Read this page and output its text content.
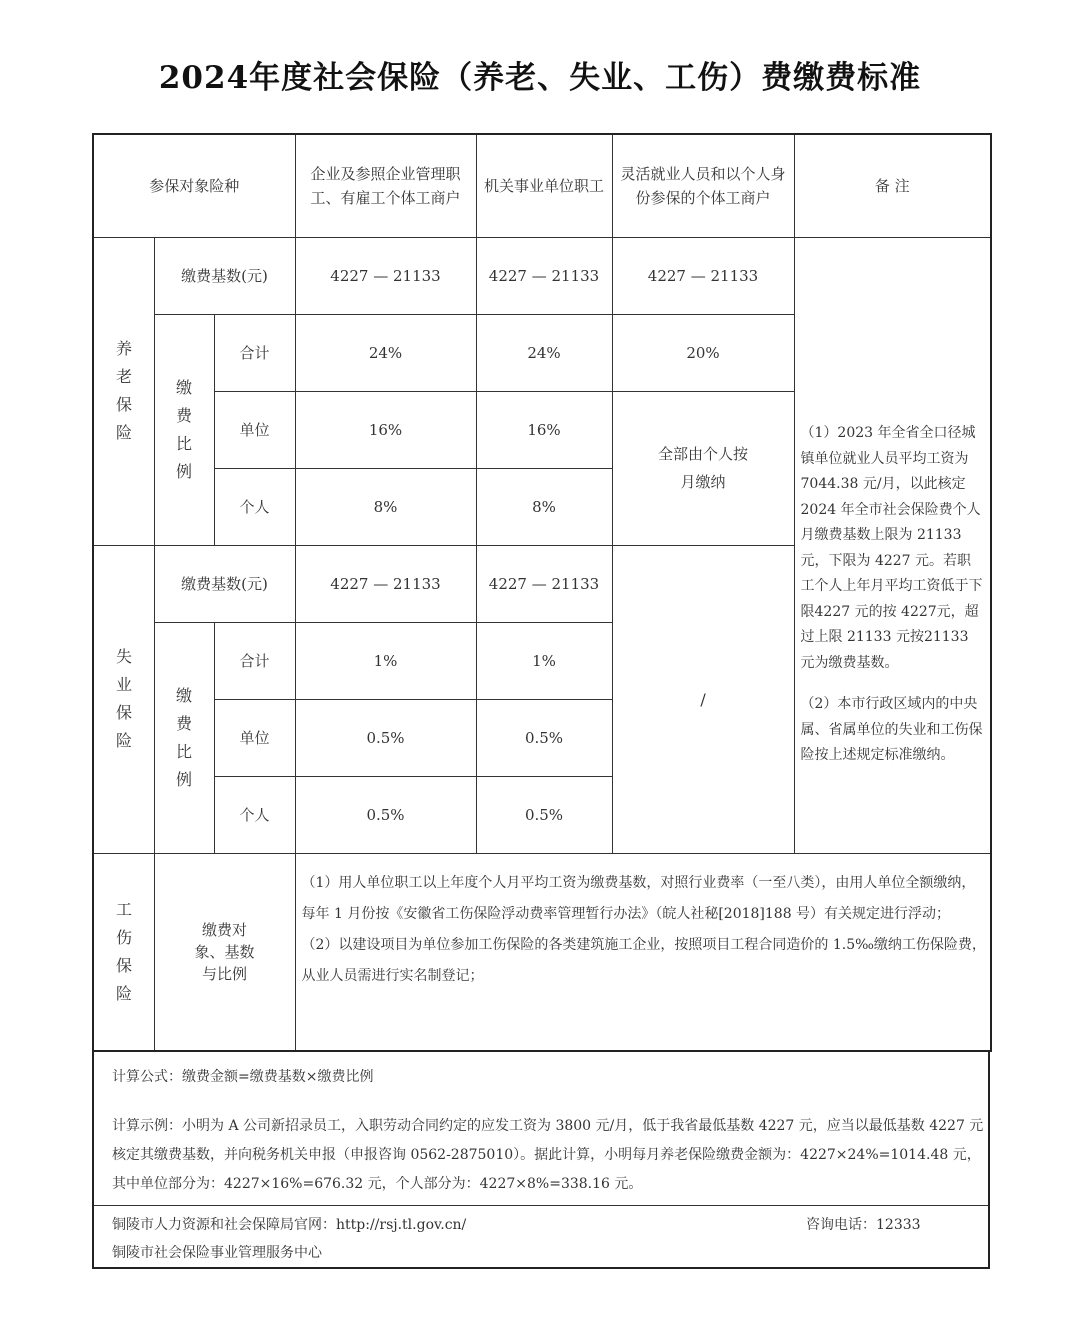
2024年度社会保险（养老、失业、工伤）费缴费标准
参保对象险种			企业及参照企业管理职工、有雇工个体工商户	机关事业单位职工	灵活就业人员和以个人身份参保的个体工商户	备 注

养老保险	缴费基数(元)		4227 — 21133	4227 — 21133	4227 — 21133	（1）2023 年全省全口径城镇单位就业人员平均工资为 7044.38 元/月，以此核定 2024 年全市社会保险费个人月缴费基数上限为 21133 元，下限为 4227 元。若职工个人上年月平均工资低于下限4227 元的按 4227元，超过上限 21133 元按21133 元为缴费基数。

（2）本市行政区域内的中央属、省属单位的失业和工伤保险按上述规定标准缴纳。

	缴费比例	合计	24%	24%	20%	
		单位	16%	16%	全部由个人按月缴纳	
		个人	8%	8%		

失业保险	缴费基数(元)		4227 — 21133	4227 — 21133	/	

	缴费比例	合计	1%	1%		
		单位	0.5%	0.5%		
		个人	0.5%	0.5%		

工伤保险	缴费对象、基数与比例		（1）用人单位职工以上年度个人月平均工资为缴费基数，对照行业费率（一至八类），由用人单位全额缴纳，每年 1 月份按《安徽省工伤保险浮动费率管理暂行办法》（皖人社秘[2018]188 号）有关规定进行浮动；

（2）以建设项目为单位参加工伤保险的各类建筑施工企业，按照项目工程合同造价的 1.5‰缴纳工伤保险费，从业人员需进行实名制登记；			

计算公式：缴费金额=缴费基数×缴费比例
计算示例：小明为 A 公司新招录员工，入职劳动合同约定的应发工资为 3800 元/月，低于我省最低基数 4227 元，应当以最低基数 4227 元核定其缴费基数，并向税务机关申报（申报咨询 0562-2875010）。据此计算，小明每月养老保险缴费金额为：4227×24%=1014.48 元，其中单位部分为：4227×16%=676.32 元，个人部分为：4227×8%=338.16 元。
铜陵市人力资源和社会保障局官网：http://rsj.tl.gov.cn/	咨询电话：12333
铜陵市社会保险事业管理服务中心
